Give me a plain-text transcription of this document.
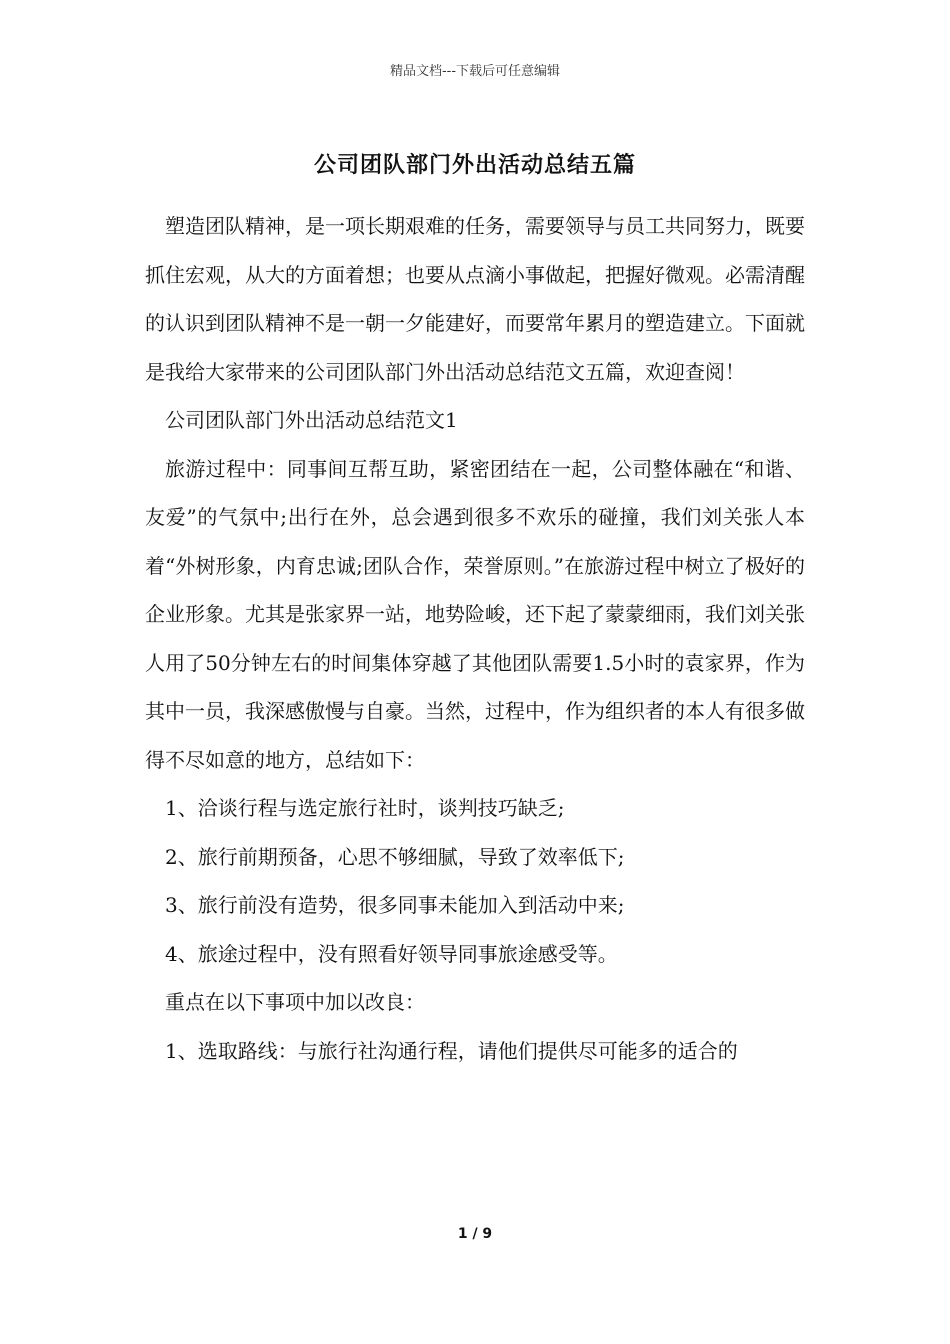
精品文档---下载后可任意编辑
公司团队部门外出活动总结五篇

塑造团队精神，是一项长期艰难的任务，需要领导与员工共同努力，既要抓住宏观，从大的方面着想；也要从点滴小事做起，把握好微观。必需清醒的认识到团队精神不是一朝一夕能建好，而要常年累月的塑造建立。下面就是我给大家带来的公司团队部门外出活动总结范文五篇，欢迎查阅！

公司团队部门外出活动总结范文1

旅游过程中：同事间互帮互助，紧密团结在一起，公司整体融在“和谐、友爱”的气氛中;出行在外，总会遇到很多不欢乐的碰撞，我们刘关张人本着“外树形象，内育忠诚;团队合作，荣誉原则。”在旅游过程中树立了极好的企业形象。尤其是张家界一站，地势险峻，还下起了蒙蒙细雨，我们刘关张人用了50分钟左右的时间集体穿越了其他团队需要1.5小时的袁家界，作为其中一员，我深感傲慢与自豪。当然，过程中，作为组织者的本人有很多做得不尽如意的地方，总结如下：

1、洽谈行程与选定旅行社时，谈判技巧缺乏;

2、旅行前期预备，心思不够细腻，导致了效率低下;

3、旅行前没有造势，很多同事未能加入到活动中来;

4、旅途过程中，没有照看好领导同事旅途感受等。

重点在以下事项中加以改良：

1、选取路线：与旅行社沟通行程，请他们提供尽可能多的适合的

1 / 9
